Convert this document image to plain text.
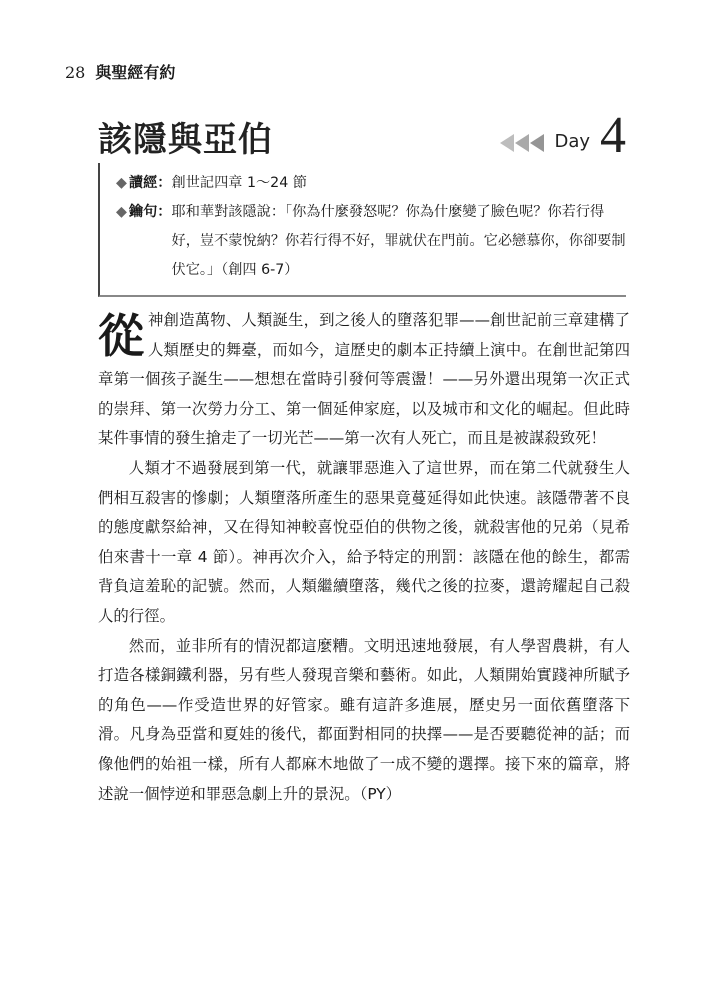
28 與聖經有約
該隱與亞伯	Day 4
◆ 讀經： 創世記四章 1～24 節
◆ 鑰句： 耶和華對該隱說：「你為什麼發怒呢？你為什麼變了臉色呢？你若行得好，豈不蒙悅納？你若行得不好，罪就伏在門前。它必戀慕你，你卻要制伏它。」（創四 6-7）

從神創造萬物、人類誕生，到之後人的墮落犯罪——創世記前三章建構了人類歷史的舞臺，而如今，這歷史的劇本正持續上演中。在創世記第四章第一個孩子誕生——想想在當時引發何等震盪！——另外還出現第一次正式的崇拜、第一次勞力分工、第一個延伸家庭，以及城市和文化的崛起。但此時某件事情的發生搶走了一切光芒——第一次有人死亡，而且是被謀殺致死！

人類才不過發展到第一代，就讓罪惡進入了這世界，而在第二代就發生人們相互殺害的慘劇；人類墮落所產生的惡果竟蔓延得如此快速。該隱帶著不良的態度獻祭給神，又在得知神較喜悅亞伯的供物之後，就殺害他的兄弟（見希伯來書十一章 4 節）。神再次介入，給予特定的刑罰：該隱在他的餘生，都需背負這羞恥的記號。然而，人類繼續墮落，幾代之後的拉麥，還誇耀起自己殺人的行徑。

然而，並非所有的情況都這麼糟。文明迅速地發展，有人學習農耕，有人打造各樣銅鐵利器，另有些人發現音樂和藝術。如此，人類開始實踐神所賦予的角色——作受造世界的好管家。雖有這許多進展，歷史另一面依舊墮落下滑。凡身為亞當和夏娃的後代，都面對相同的抉擇——是否要聽從神的話；而像他們的始祖一樣，所有人都麻木地做了一成不變的選擇。接下來的篇章，將述說一個悖逆和罪惡急劇上升的景況。（PY）
